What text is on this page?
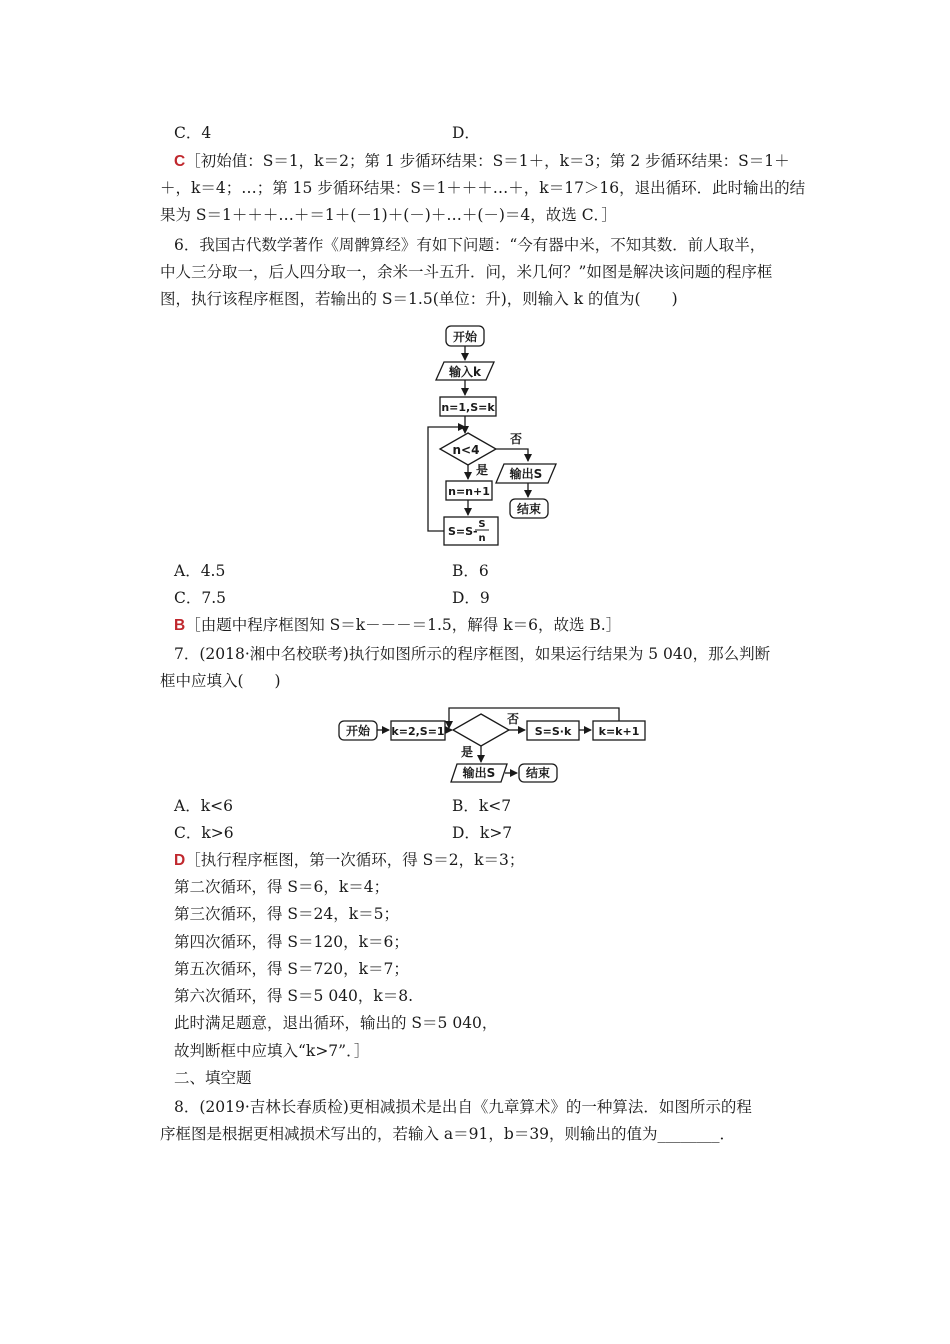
C．4	D．
C［初始值：S＝1，k＝2；第 1 步循环结果：S＝1＋，k＝3；第 2 步循环结果：S＝1＋
＋，k＝4；…；第 15 步循环结果：S＝1＋＋＋…＋，k＝17＞16，退出循环．此时输出的结
果为 S＝1＋＋＋…＋＝1＋(－1)＋(－)＋…＋(－)＝4，故选 C．］
6．我国古代数学著作《周髀算经》有如下问题：“今有器中米，不知其数．前人取半，
中人三分取一，后人四分取一，余米一斗五升．问，米几何？”如图是解决该问题的程序框
图，执行该程序框图，若输出的 S＝1.5(单位：升)，则输入 k 的值为(　　)
开始
输入k
n=1,S=k
n<4
否
输出S
结束
是
n=n+1
S=S-
S
n
A．4.5	B．6
C．7.5	D．9
B［由题中程序框图知 S＝k－－－＝1.5，解得 k＝6，故选 B.］
7．(2018·湘中名校联考)执行如图所示的程序框图，如果运行结果为 5 040，那么判断
框中应填入(　　)
开始 k=2,S=1
否
S=S·k k=k+1
是
输出S	结束
A．k<6	B．k<7
C．k>6	D．k>7
D［执行程序框图，第一次循环，得 S＝2，k＝3；
第二次循环，得 S＝6，k＝4；
第三次循环，得 S＝24，k＝5；
第四次循环，得 S＝120，k＝6；
第五次循环，得 S＝720，k＝7；
第六次循环，得 S＝5 040，k＝8.
此时满足题意，退出循环，输出的 S＝5 040，
故判断框中应填入“k>7”．］
二、填空题
8．(2019·吉林长春质检)更相减损术是出自《九章算术》的一种算法．如图所示的程
序框图是根据更相减损术写出的，若输入 a＝91，b＝39，则输出的值为________．
